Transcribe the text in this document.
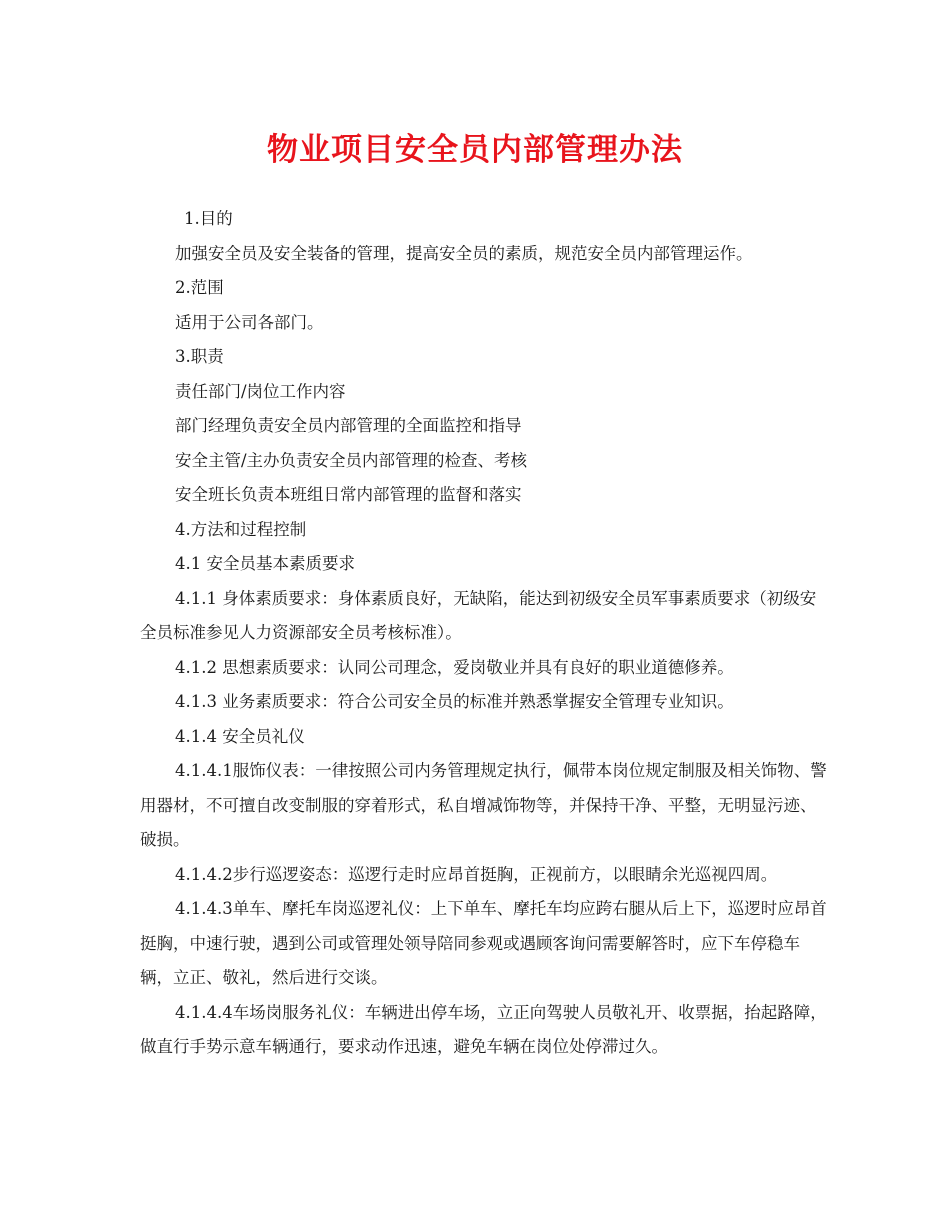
物业项目安全员内部管理办法

1.目的

加强安全员及安全装备的管理，提高安全员的素质，规范安全员内部管理运作。

2.范围

适用于公司各部门。

3.职责

责任部门/岗位工作内容

部门经理负责安全员内部管理的全面监控和指导

安全主管/主办负责安全员内部管理的检查、考核

安全班长负责本班组日常内部管理的监督和落实

4.方法和过程控制

4.1 安全员基本素质要求

4.1.1 身体素质要求：身体素质良好，无缺陷，能达到初级安全员军事素质要求（初级安全员标准参见人力资源部安全员考核标准）。

4.1.2 思想素质要求：认同公司理念，爱岗敬业并具有良好的职业道德修养。

4.1.3 业务素质要求：符合公司安全员的标准并熟悉掌握安全管理专业知识。

4.1.4 安全员礼仪

4.1.4.1服饰仪表：一律按照公司内务管理规定执行，佩带本岗位规定制服及相关饰物、警用器材，不可擅自改变制服的穿着形式，私自增减饰物等，并保持干净、平整，无明显污迹、破损。

4.1.4.2步行巡逻姿态：巡逻行走时应昂首挺胸，正视前方，以眼睛余光巡视四周。

4.1.4.3单车、摩托车岗巡逻礼仪：上下单车、摩托车均应跨右腿从后上下，巡逻时应昂首挺胸，中速行驶，遇到公司或管理处领导陪同参观或遇顾客询问需要解答时，应下车停稳车辆，立正、敬礼，然后进行交谈。

4.1.4.4车场岗服务礼仪：车辆进出停车场，立正向驾驶人员敬礼开、收票据，抬起路障，做直行手势示意车辆通行，要求动作迅速，避免车辆在岗位处停滞过久。
